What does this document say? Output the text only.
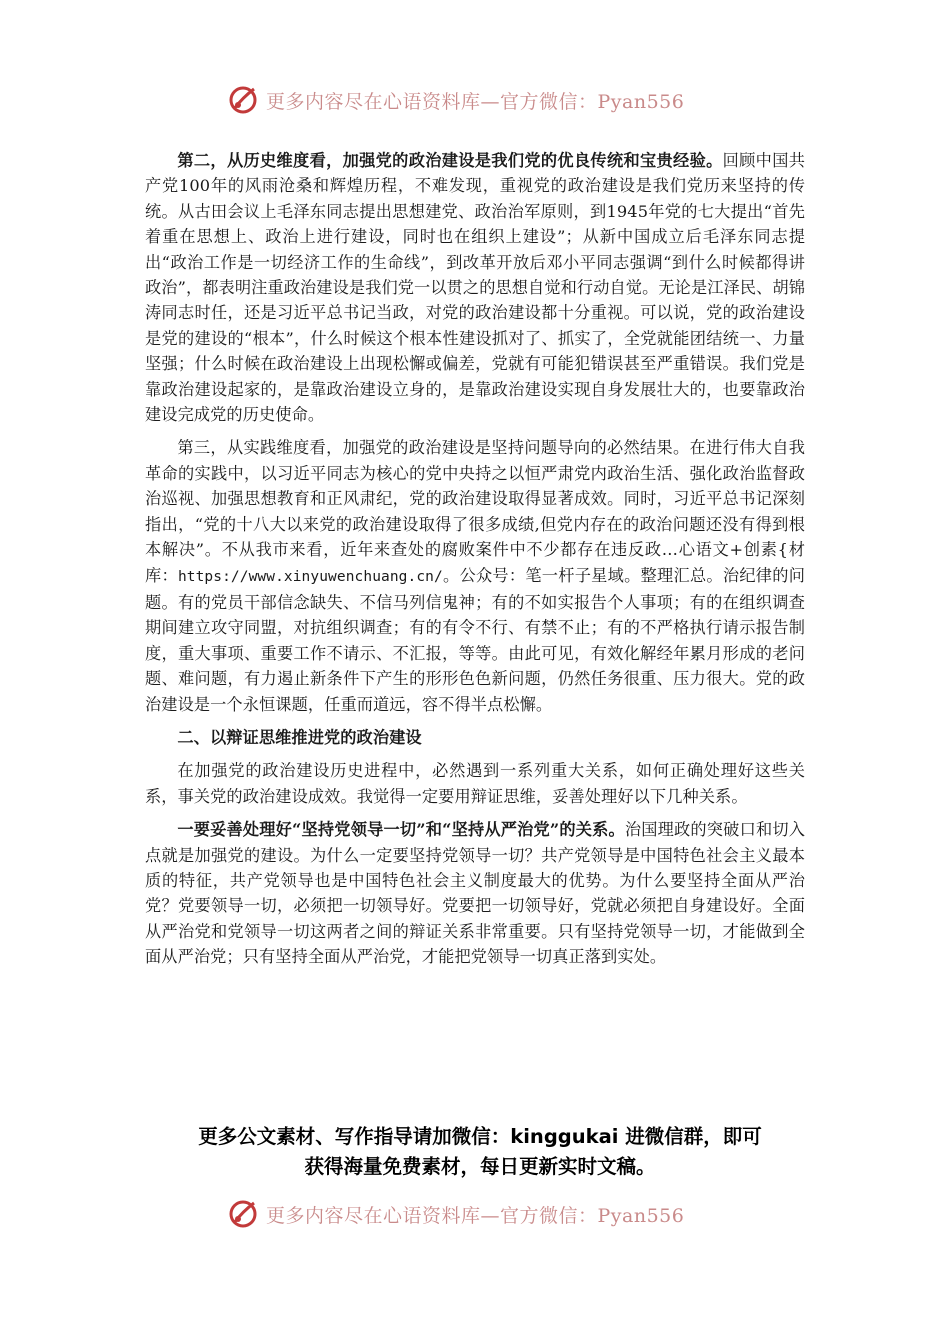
更多内容尽在心语资料库—官方微信：Pyan556

第二，从历史维度看，加强党的政治建设是我们党的优良传统和宝贵经验。回顾中国共产党100年的风雨沧桑和辉煌历程，不难发现，重视党的政治建设是我们党历来坚持的传统。从古田会议上毛泽东同志提出思想建党、政治治军原则，到1945年党的七大提出“首先着重在思想上、政治上进行建设，同时也在组织上建设”；从新中国成立后毛泽东同志提出“政治工作是一切经济工作的生命线”，到改革开放后邓小平同志强调“到什么时候都得讲政治”，都表明注重政治建设是我们党一以贯之的思想自觉和行动自觉。无论是江泽民、胡锦涛同志时任，还是习近平总书记当政，对党的政治建设都十分重视。可以说，党的政治建设是党的建设的“根本”，什么时候这个根本性建设抓对了、抓实了，全党就能团结统一、力量坚强；什么时候在政治建设上出现松懈或偏差，党就有可能犯错误甚至严重错误。我们党是靠政治建设起家的，是靠政治建设立身的，是靠政治建设实现自身发展壮大的，也要靠政治建设完成党的历史使命。

第三，从实践维度看，加强党的政治建设是坚持问题导向的必然结果。在进行伟大自我革命的实践中，以习近平同志为核心的党中央持之以恒严肃党内政治生活、强化政治监督政治巡视、加强思想教育和正风肃纪，党的政治建设取得显著成效。同时，习近平总书记深刻指出，“党的十八大以来党的政治建设取得了很多成绩,但党内存在的政治问题还没有得到根本解决”。不从我市来看，近年来查处的腐败案件中不少都存在违反政…心语文+创素{材库：https://www.xinyuwenchuang.cn/。公众号：笔一杆子星域。整理汇总。治纪律的问题。有的党员干部信念缺失、不信马列信鬼神；有的不如实报告个人事项；有的在组织调查期间建立攻守同盟，对抗组织调查；有的有令不行、有禁不止；有的不严格执行请示报告制度，重大事项、重要工作不请示、不汇报，等等。由此可见，有效化解经年累月形成的老问题、难问题，有力遏止新条件下产生的形形色色新问题，仍然任务很重、压力很大。党的政治建设是一个永恒课题，任重而道远，容不得半点松懈。

二、以辩证思维推进党的政治建设

在加强党的政治建设历史进程中，必然遇到一系列重大关系，如何正确处理好这些关系，事关党的政治建设成效。我觉得一定要用辩证思维，妥善处理好以下几种关系。

一要妥善处理好“坚持党领导一切”和“坚持从严治党”的关系。治国理政的突破口和切入点就是加强党的建设。为什么一定要坚持党领导一切？共产党领导是中国特色社会主义最本质的特征，共产党领导也是中国特色社会主义制度最大的优势。为什么要坚持全面从严治党？党要领导一切，必须把一切领导好。党要把一切领导好，党就必须把自身建设好。全面从严治党和党领导一切这两者之间的辩证关系非常重要。只有坚持党领导一切，才能做到全面从严治党；只有坚持全面从严治党，才能把党领导一切真正落到实处。

更多公文素材、写作指导请加微信：kinggukai 进微信群，即可
获得海量免费素材，每日更新实时文稿。
更多内容尽在心语资料库—官方微信：Pyan556
